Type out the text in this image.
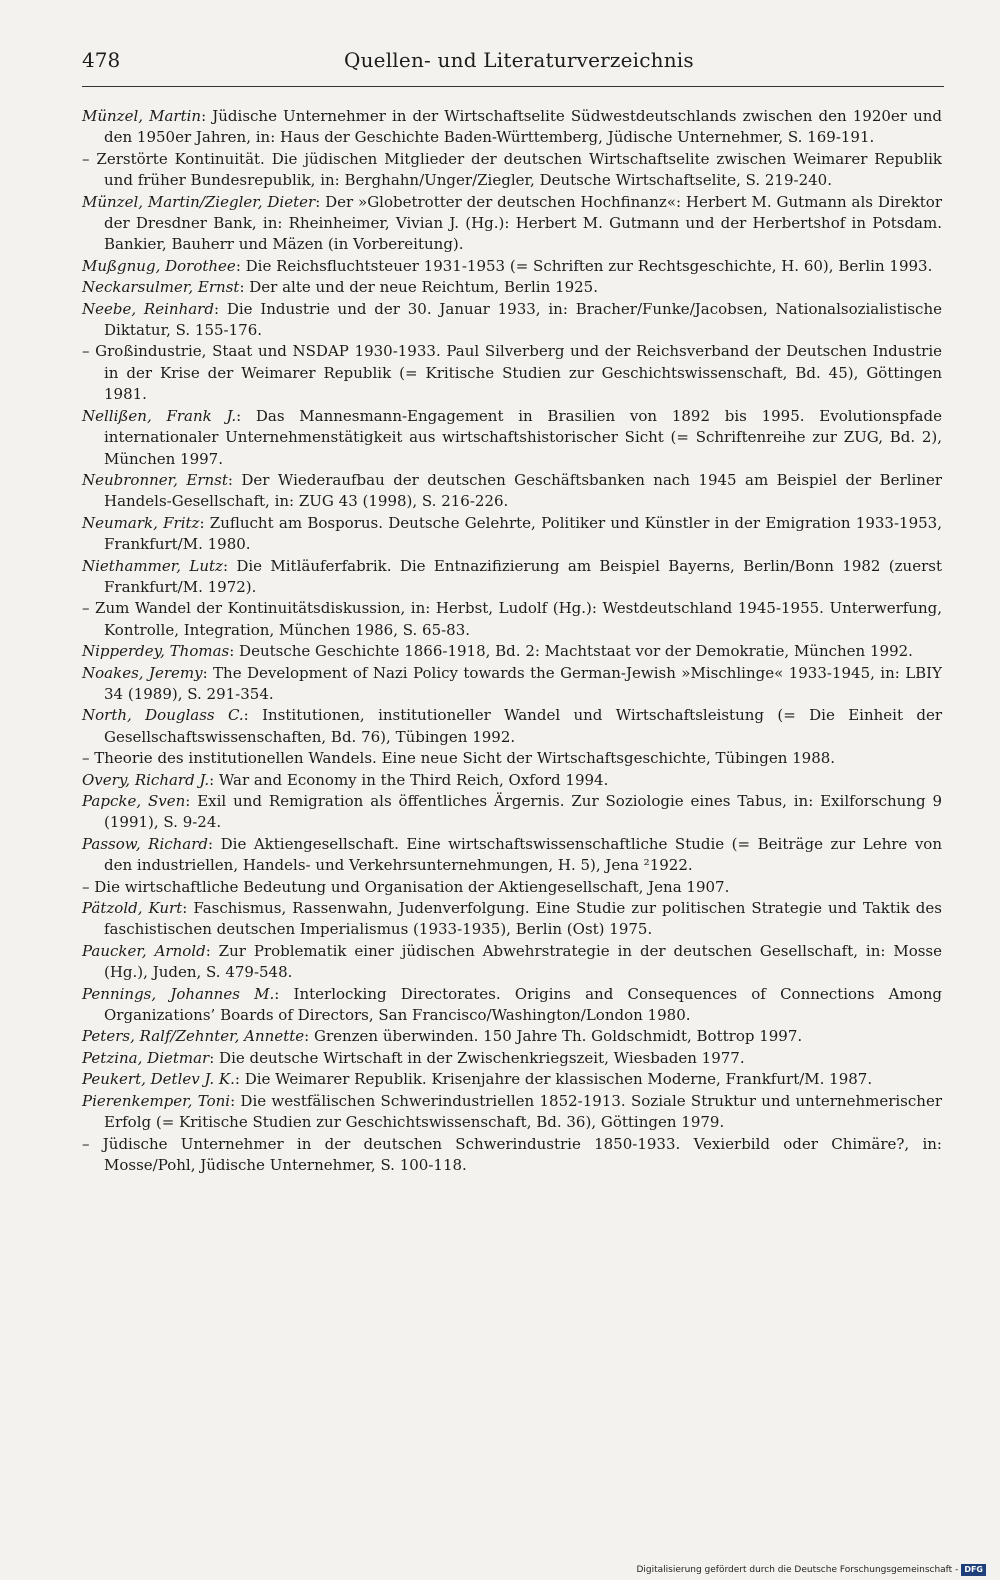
478	Quellen- und Literaturverzeichnis

Münzel, Martin: Jüdische Unternehmer in der Wirtschaftselite Südwestdeutschlands zwischen den 1920er und den 1950er Jahren, in: Haus der Geschichte Baden-Württemberg, Jüdische Unternehmer, S. 169-191.

– Zerstörte Kontinuität. Die jüdischen Mitglieder der deutschen Wirtschaftselite zwischen Weimarer Republik und früher Bundesrepublik, in: Berghahn/Unger/Ziegler, Deutsche Wirtschaftselite, S. 219-240.

Münzel, Martin/Ziegler, Dieter: Der »Globetrotter der deutschen Hochfinanz«: Herbert M. Gutmann als Direktor der Dresdner Bank, in: Rheinheimer, Vivian J. (Hg.): Herbert M. Gutmann und der Herbertshof in Potsdam. Bankier, Bauherr und Mäzen (in Vorbereitung).

Mußgnug, Dorothee: Die Reichsfluchtsteuer 1931-1953 (= Schriften zur Rechtsgeschichte, H. 60), Berlin 1993.

Neckarsulmer, Ernst: Der alte und der neue Reichtum, Berlin 1925.

Neebe, Reinhard: Die Industrie und der 30. Januar 1933, in: Bracher/Funke/Jacobsen, Nationalsozialistische Diktatur, S. 155-176.

– Großindustrie, Staat und NSDAP 1930-1933. Paul Silverberg und der Reichsverband der Deutschen Industrie in der Krise der Weimarer Republik (= Kritische Studien zur Geschichtswissenschaft, Bd. 45), Göttingen 1981.

Nellißen, Frank J.: Das Mannesmann-Engagement in Brasilien von 1892 bis 1995. Evolutionspfade internationaler Unternehmenstätigkeit aus wirtschaftshistorischer Sicht (= Schriftenreihe zur ZUG, Bd. 2), München 1997.

Neubronner, Ernst: Der Wiederaufbau der deutschen Geschäftsbanken nach 1945 am Beispiel der Berliner Handels-Gesellschaft, in: ZUG 43 (1998), S. 216-226.

Neumark, Fritz: Zuflucht am Bosporus. Deutsche Gelehrte, Politiker und Künstler in der Emigration 1933-1953, Frankfurt/M. 1980.

Niethammer, Lutz: Die Mitläuferfabrik. Die Entnazifizierung am Beispiel Bayerns, Berlin/Bonn 1982 (zuerst Frankfurt/M. 1972).

– Zum Wandel der Kontinuitätsdiskussion, in: Herbst, Ludolf (Hg.): Westdeutschland 1945-1955. Unterwerfung, Kontrolle, Integration, München 1986, S. 65-83.

Nipperdey, Thomas: Deutsche Geschichte 1866-1918, Bd. 2: Machtstaat vor der Demokratie, München 1992.

Noakes, Jeremy: The Development of Nazi Policy towards the German-Jewish »Mischlinge« 1933-1945, in: LBIY 34 (1989), S. 291-354.

North, Douglass C.: Institutionen, institutioneller Wandel und Wirtschaftsleistung (= Die Einheit der Gesellschaftswissenschaften, Bd. 76), Tübingen 1992.

– Theorie des institutionellen Wandels. Eine neue Sicht der Wirtschaftsgeschichte, Tübingen 1988.

Overy, Richard J.: War and Economy in the Third Reich, Oxford 1994.

Papcke, Sven: Exil und Remigration als öffentliches Ärgernis. Zur Soziologie eines Tabus, in: Exilforschung 9 (1991), S. 9-24.

Passow, Richard: Die Aktiengesellschaft. Eine wirtschaftswissenschaftliche Studie (= Beiträge zur Lehre von den industriellen, Handels- und Verkehrsunternehmungen, H. 5), Jena ²1922.

– Die wirtschaftliche Bedeutung und Organisation der Aktiengesellschaft, Jena 1907.

Pätzold, Kurt: Faschismus, Rassenwahn, Judenverfolgung. Eine Studie zur politischen Strategie und Taktik des faschistischen deutschen Imperialismus (1933-1935), Berlin (Ost) 1975.

Paucker, Arnold: Zur Problematik einer jüdischen Abwehrstrategie in der deutschen Gesellschaft, in: Mosse (Hg.), Juden, S. 479-548.

Pennings, Johannes M.: Interlocking Directorates. Origins and Consequences of Connections Among Organizations’ Boards of Directors, San Francisco/Washington/London 1980.

Peters, Ralf/Zehnter, Annette: Grenzen überwinden. 150 Jahre Th. Goldschmidt, Bottrop 1997.

Petzina, Dietmar: Die deutsche Wirtschaft in der Zwischenkriegszeit, Wiesbaden 1977.

Peukert, Detlev J. K.: Die Weimarer Republik. Krisenjahre der klassischen Moderne, Frankfurt/M. 1987.

Pierenkemper, Toni: Die westfälischen Schwerindustriellen 1852-1913. Soziale Struktur und unternehmerischer Erfolg (= Kritische Studien zur Geschichtswissenschaft, Bd. 36), Göttingen 1979.

– Jüdische Unternehmer in der deutschen Schwerindustrie 1850-1933. Vexierbild oder Chimäre?, in: Mosse/Pohl, Jüdische Unternehmer, S. 100-118.

Digitalisierung gefördert durch die Deutsche Forschungsgemeinschaft - DFG
